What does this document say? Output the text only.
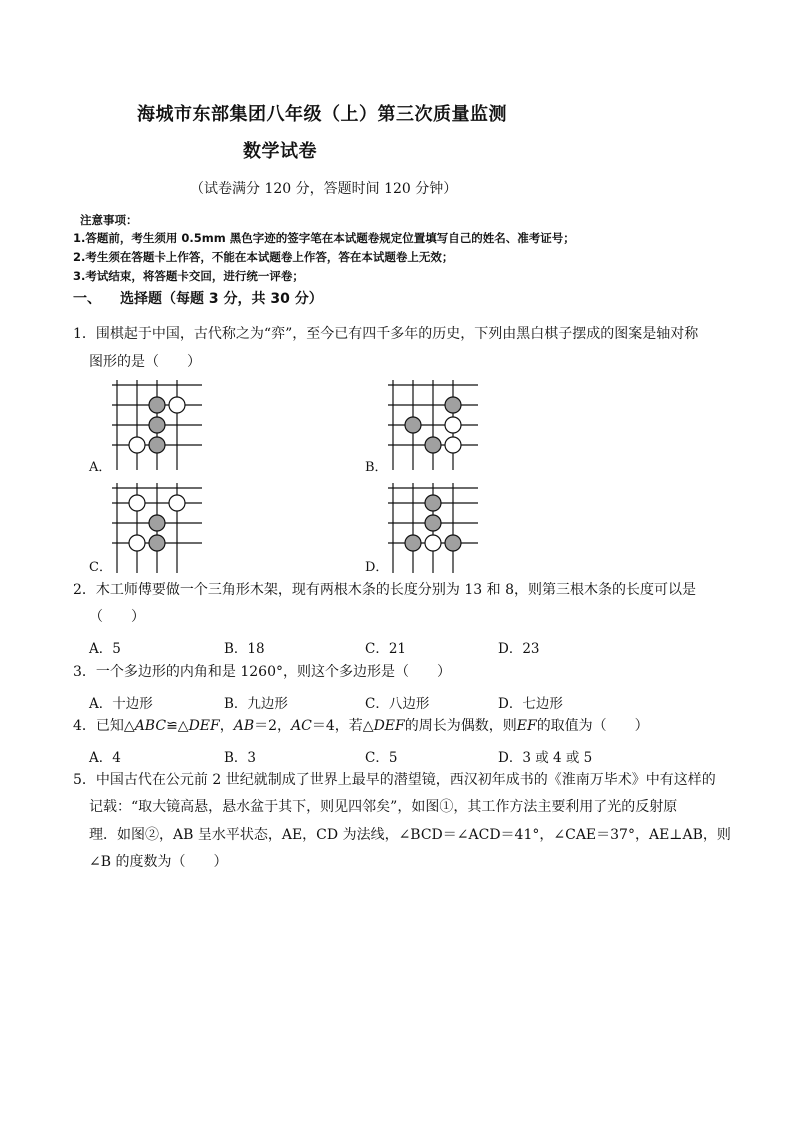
海城市东部集团八年级（上）第三次质量监测
数学试卷
（试卷满分 120 分，答题时间 120 分钟）
注意事项：
1.答题前，考生须用 0.5mm 黑色字迹的签字笔在本试题卷规定位置填写自己的姓名、准考证号；
2.考生须在答题卡上作答，不能在本试题卷上作答，答在本试题卷上无效；
3.考试结束，将答题卡交回，进行统一评卷；
一、 选择题（每题 3 分，共 30 分）
1．围棋起于中国，古代称之为“弈”，至今已有四千多年的历史，下列由黑白棋子摆成的图案是轴对称
图形的是（　　）
A．	B．
C．	D．
2．木工师傅要做一个三角形木架，现有两根木条的长度分别为 13 和 8，则第三根木条的长度可以是
（　　）
A．5	B．18	C．21	D．23
3．一个多边形的内角和是 1260°，则这个多边形是（　　）
A．十边形	B．九边形	C．八边形	D．七边形
4．已知△ABC≌△DEF，AB＝2，AC＝4，若△DEF的周长为偶数，则EF的取值为（　　）
A．4	B．3	C．5	D．3 或 4 或 5
5．中国古代在公元前 2 世纪就制成了世界上最早的潜望镜，西汉初年成书的《淮南万毕术》中有这样的
记载：“取大镜高悬，悬水盆于其下，则见四邻矣”，如图①，其工作方法主要利用了光的反射原
理．如图②，AB 呈水平状态，AE，CD 为法线，∠BCD＝∠ACD＝41°，∠CAE＝37°，AE⊥AB，则
∠B 的度数为（　　）
